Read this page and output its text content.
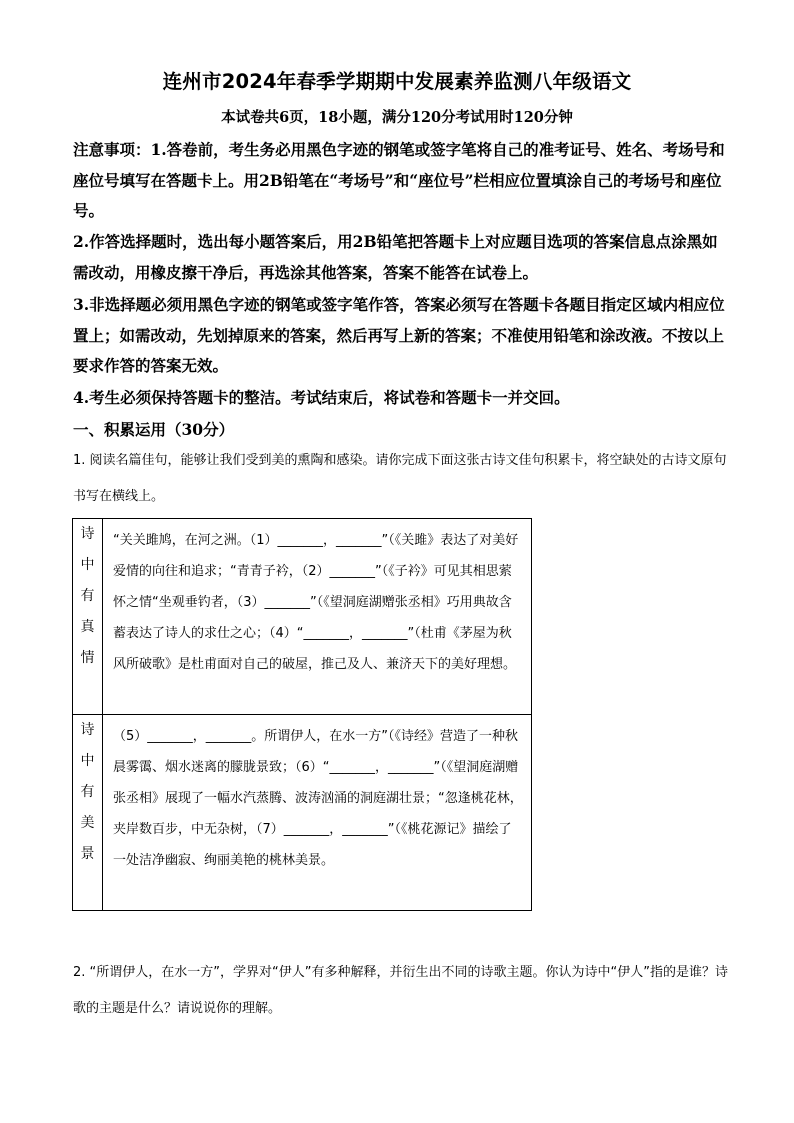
连州市2024年春季学期期中发展素养监测八年级语文
本试卷共6页，18小题，满分120分考试用时120分钟
注意事项：1.答卷前，考生务必用黑色字迹的钢笔或签字笔将自己的准考证号、姓名、考场号和座位号填写在答题卡上。用2B铅笔在“考场号”和“座位号”栏相应位置填涂自己的考场号和座位号。
2.作答选择题时，选出每小题答案后，用2B铅笔把答题卡上对应题目选项的答案信息点涂黑如需改动，用橡皮擦干净后，再选涂其他答案，答案不能答在试卷上。
3.非选择题必须用黑色字迹的钢笔或签字笔作答，答案必须写在答题卡各题目指定区域内相应位置上；如需改动，先划掉原来的答案，然后再写上新的答案；不准使用铅笔和涂改液。不按以上要求作答的答案无效。
4.考生必须保持答题卡的整洁。考试结束后，将试卷和答题卡一并交回。
一、积累运用（30分）
1. 阅读名篇佳句，能够让我们受到美的熏陶和感染。请你完成下面这张古诗文佳句积累卡，将空缺处的古诗文原句书写在横线上。
诗
中
有
真
情	“关关雎鸠，在河之洲。（1）_______，_______”（《关雎》表达了对美好爱情的向往和追求；“青青子衿，（2）_______”（《子衿》可见其相思萦怀之情“坐观垂钓者，（3）_______”（《望洞庭湖赠张丞相》巧用典故含蓄表达了诗人的求仕之心；（4）“_______，_______”（杜甫《茅屋为秋风所破歌》是杜甫面对自己的破屋，推己及人、兼济天下的美好理想。

诗
中
有
美
景	（5）_______，_______。所谓伊人，在水一方”（《诗经》营造了一种秋晨雾霭、烟水迷离的朦胧景致；（6）“_______，_______”（《望洞庭湖赠张丞相》展现了一幅水汽蒸腾、波涛汹涌的洞庭湖壮景；“忽逢桃花林，夹岸数百步，中无杂树，（7）_______，_______”（《桃花源记》描绘了一处洁净幽寂、绚丽美艳的桃林美景。
2. “所谓伊人，在水一方”，学界对“伊人”有多种解释，并衍生出不同的诗歌主题。你认为诗中“伊人”指的是谁？诗歌的主题是什么？请说说你的理解。
